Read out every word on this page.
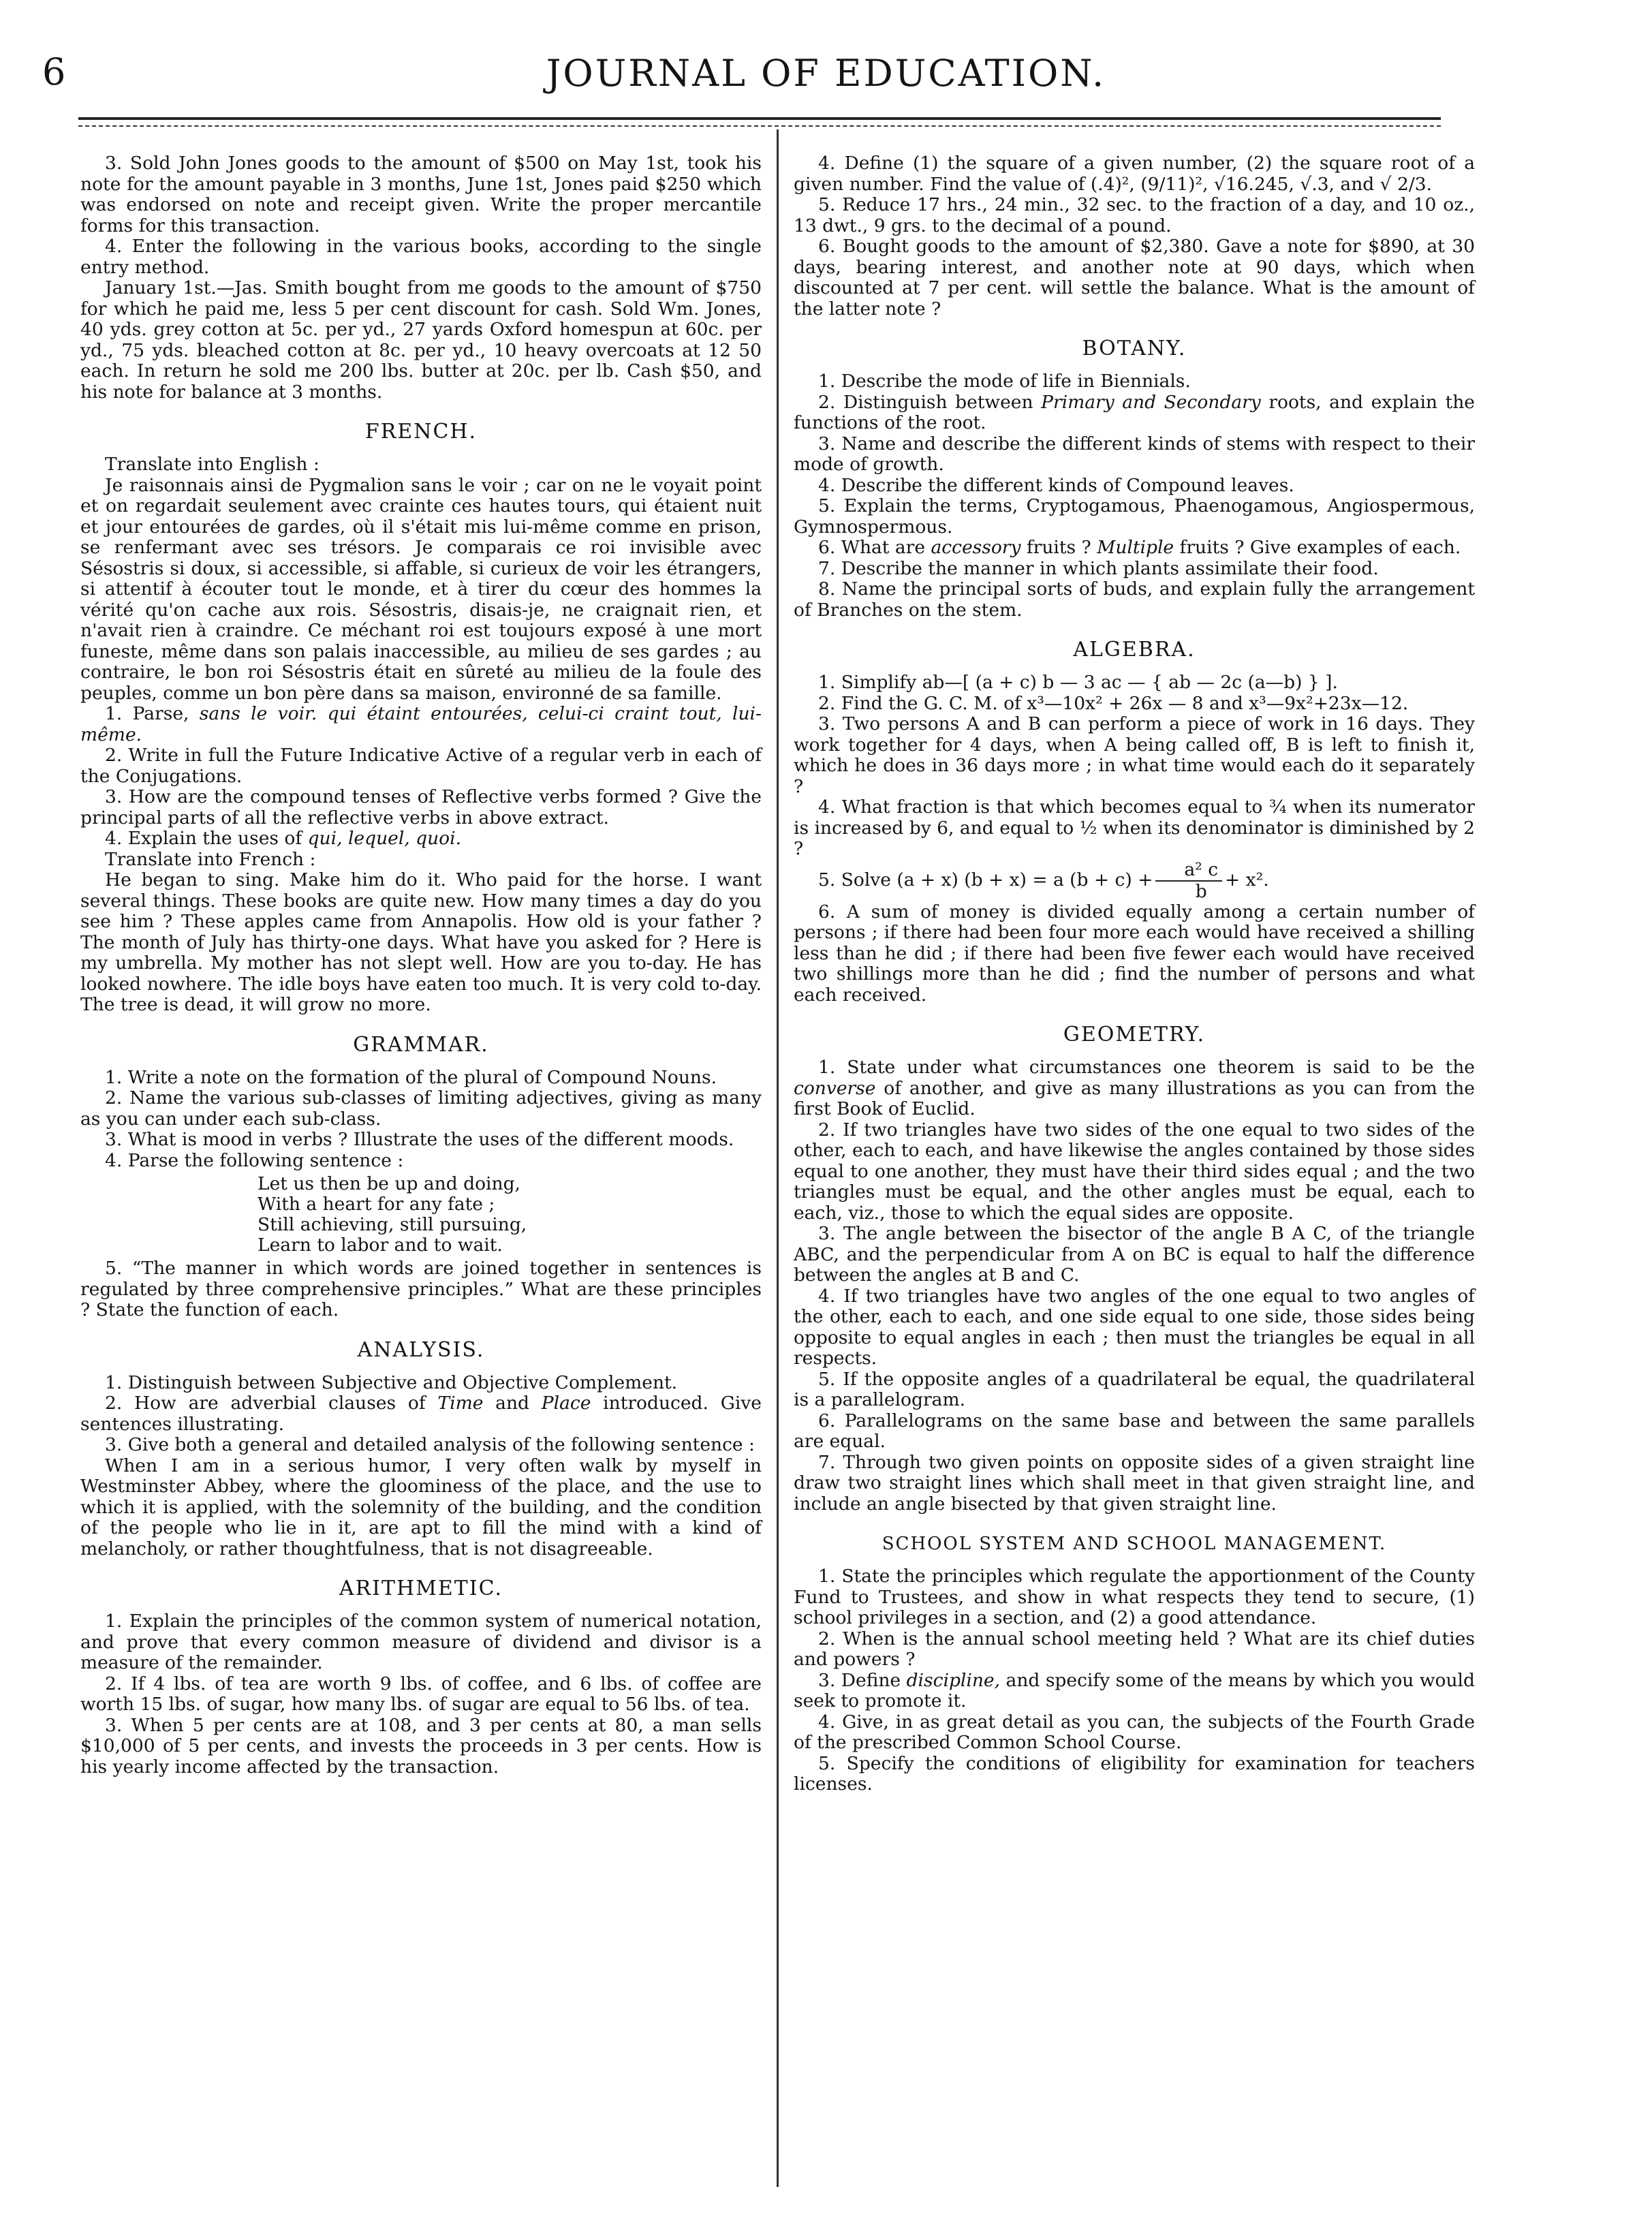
6	JOURNAL OF EDUCATION.

3. Sold John Jones goods to the amount of $500 on May 1st, took his note for the amount payable in 3 months, June 1st, Jones paid $250 which was endorsed on note and receipt given. Write the proper mercantile forms for this transaction.

4. Enter the following in the various books, according to the single entry method.

January 1st.—Jas. Smith bought from me goods to the amount of $750 for which he paid me, less 5 per cent discount for cash. Sold Wm. Jones, 40 yds. grey cotton at 5c. per yd., 27 yards Oxford homespun at 60c. per yd., 75 yds. bleached cotton at 8c. per yd., 10 heavy overcoats at 12 50 each. In return he sold me 200 lbs. butter at 20c. per lb. Cash $50, and his note for balance at 3 months.

FRENCH.

Translate into English :

Je raisonnais ainsi de Pygmalion sans le voir ; car on ne le voyait point et on regardait seulement avec crainte ces hautes tours, qui étaient nuit et jour entourées de gardes, où il s'était mis lui-même comme en prison, se renfermant avec ses trésors. Je comparais ce roi invisible avec Sésostris si doux, si accessible, si affable, si curieux de voir les étrangers, si attentif à écouter tout le monde, et à tirer du cœur des hommes la vérité qu'on cache aux rois. Sésostris, disais-je, ne craignait rien, et n'avait rien à craindre. Ce méchant roi est toujours exposé à une mort funeste, même dans son palais inaccessible, au milieu de ses gardes ; au contraire, le bon roi Sésostris était en sûreté au milieu de la foule des peuples, comme un bon père dans sa maison, environné de sa famille.

1. Parse, sans le voir. qui étaint entourées, celui-ci craint tout, lui-même.

2. Write in full the Future Indicative Active of a regular verb in each of the Conjugations.

3. How are the compound tenses of Reflective verbs formed ? Give the principal parts of all the reflective verbs in above extract.

4. Explain the uses of qui, lequel, quoi.

Translate into French :

He began to sing. Make him do it. Who paid for the horse. I want several things. These books are quite new. How many times a day do you see him ? These apples came from Annapolis. How old is your father ? The month of July has thirty-one days. What have you asked for ? Here is my umbrella. My mother has not slept well. How are you to-day. He has looked nowhere. The idle boys have eaten too much. It is very cold to-day. The tree is dead, it will grow no more.

GRAMMAR.

1. Write a note on the formation of the plural of Compound Nouns.

2. Name the various sub-classes of limiting adjectives, giving as many as you can under each sub-class.

3. What is mood in verbs ? Illustrate the uses of the different moods.

4. Parse the following sentence :

Let us then be up and doing,
With a heart for any fate ;
Still achieving, still pursuing,
Learn to labor and to wait.

5. “The manner in which words are joined together in sentences is regulated by three comprehensive principles.” What are these principles ? State the function of each.

ANALYSIS.

1. Distinguish between Subjective and Objective Complement.

2. How are adverbial clauses of Time and Place introduced. Give sentences illustrating.

3. Give both a general and detailed analysis of the following sentence :

When I am in a serious humor, I very often walk by myself in Westminster Abbey, where the gloominess of the place, and the use to which it is applied, with the solemnity of the building, and the condition of the people who lie in it, are apt to fill the mind with a kind of melancholy, or rather thoughtfulness, that is not disagreeable.

ARITHMETIC.

1. Explain the principles of the common system of numerical notation, and prove that every common measure of dividend and divisor is a measure of the remainder.

2. If 4 lbs. of tea are worth 9 lbs. of coffee, and 6 lbs. of coffee are worth 15 lbs. of sugar, how many lbs. of sugar are equal to 56 lbs. of tea.

3. When 5 per cents are at 108, and 3 per cents at 80, a man sells $10,000 of 5 per cents, and invests the proceeds in 3 per cents. How is his yearly income affected by the transaction.

4. Define (1) the square of a given number, (2) the square root of a given number. Find the value of (.4)², (9/11)², √16.245, √.3, and √ 2/3.

5. Reduce 17 hrs., 24 min., 32 sec. to the fraction of a day, and 10 oz., 13 dwt., 9 grs. to the decimal of a pound.

6. Bought goods to the amount of $2,380. Gave a note for $890, at 30 days, bearing interest, and another note at 90 days, which when discounted at 7 per cent. will settle the balance. What is the amount of the latter note ?

BOTANY.

1. Describe the mode of life in Biennials.

2. Distinguish between Primary and Secondary roots, and explain the functions of the root.

3. Name and describe the different kinds of stems with respect to their mode of growth.

4. Describe the different kinds of Compound leaves.

5. Explain the terms, Cryptogamous, Phaenogamous, Angiospermous, Gymnospermous.

6. What are accessory fruits ? Multiple fruits ? Give examples of each.

7. Describe the manner in which plants assimilate their food.

8. Name the principal sorts of buds, and explain fully the arrangement of Branches on the stem.

ALGEBRA.

1. Simplify ab—[ (a + c) b — 3 ac — { ab — 2c (a—b) } ].

2. Find the G. C. M. of x³—10x² + 26x — 8 and x³—9x²+23x—12.

3. Two persons A and B can perform a piece of work in 16 days. They work together for 4 days, when A being called off, B is left to finish it, which he does in 36 days more ; in what time would each do it separately ?

4. What fraction is that which becomes equal to ¾ when its numerator is increased by 6, and equal to ½ when its denominator is diminished by 2 ?

5. Solve (a + x) (b + x) = a $(b + c) + \frac{\text{a² c}}{b} + x^2$.

6. A sum of money is divided equally among a certain number of persons ; if there had been four more each would have received a shilling less than he did ; if there had been five fewer each would have received two shillings more than he did ; find the number of persons and what each received.

GEOMETRY.

1. State under what circumstances one theorem is said to be the converse of another, and give as many illustrations as you can from the first Book of Euclid.

2. If two triangles have two sides of the one equal to two sides of the other, each to each, and have likewise the angles contained by those sides equal to one another, they must have their third sides equal ; and the two triangles must be equal, and the other angles must be equal, each to each, viz., those to which the equal sides are opposite.

3. The angle between the bisector of the angle B A C, of the triangle ABC, and the perpendicular from A on BC is equal to half the difference between the angles at B and C.

4. If two triangles have two angles of the one equal to two angles of the other, each to each, and one side equal to one side, those sides being opposite to equal angles in each ; then must the triangles be equal in all respects.

5. If the opposite angles of a quadrilateral be equal, the quadrilateral is a parallelogram.

6. Parallelograms on the same base and between the same parallels are equal.

7. Through two given points on opposite sides of a given straight line draw two straight lines which shall meet in that given straight line, and include an angle bisected by that given straight line.

SCHOOL SYSTEM AND SCHOOL MANAGEMENT.

1. State the principles which regulate the apportionment of the County Fund to Trustees, and show in what respects they tend to secure, (1) school privileges in a section, and (2) a good attendance.

2. When is the annual school meeting held ? What are its chief duties and powers ?

3. Define discipline, and specify some of the means by which you would seek to promote it.

4. Give, in as great detail as you can, the subjects of the Fourth Grade of the prescribed Common School Course.

5. Specify the conditions of eligibility for examination for teachers licenses.
